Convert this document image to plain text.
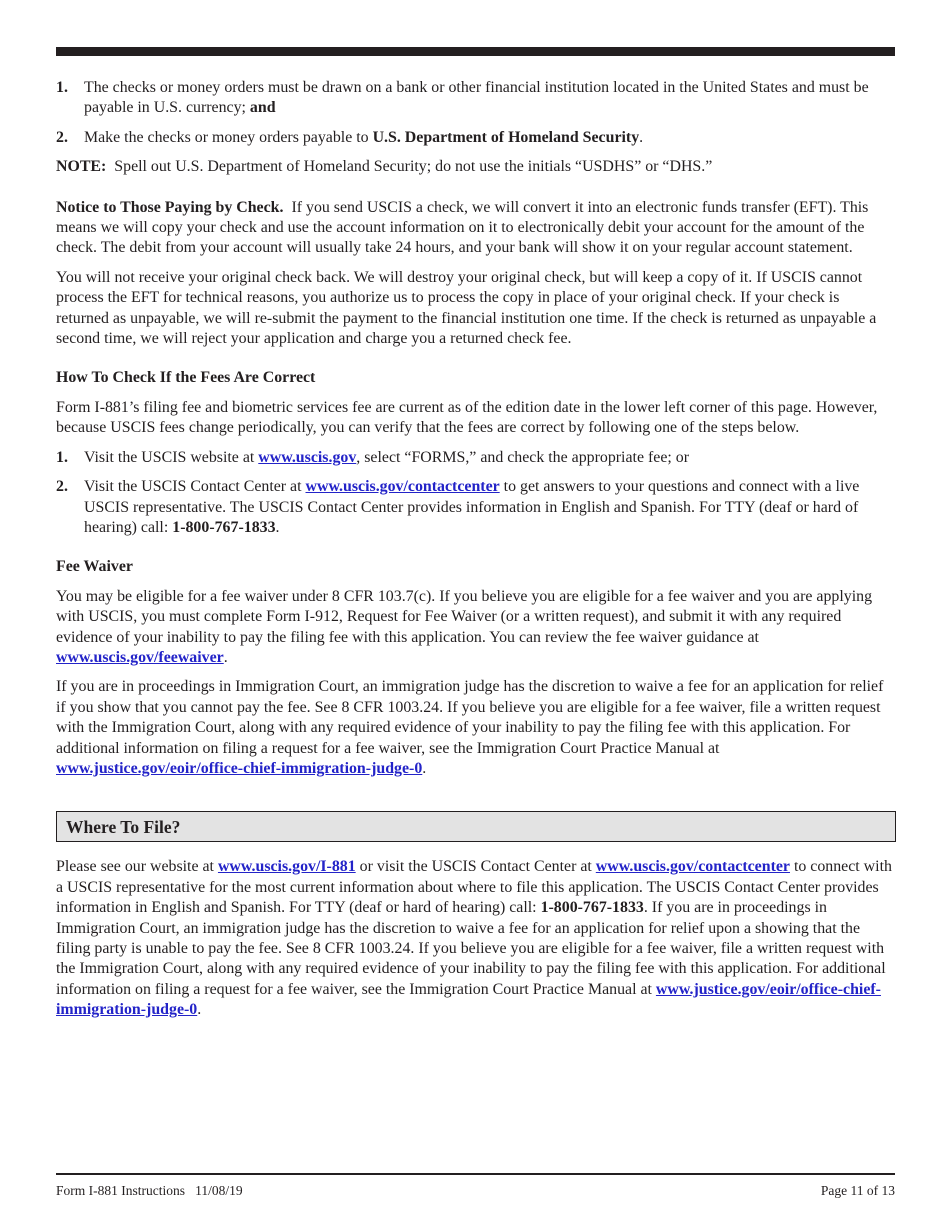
1.	The checks or money orders must be drawn on a bank or other financial institution located in the United States and must be payable in U.S. currency; and
2.	Make the checks or money orders payable to U.S. Department of Homeland Security.

NOTE: Spell out U.S. Department of Homeland Security; do not use the initials “USDHS” or “DHS.”

Notice to Those Paying by Check. If you send USCIS a check, we will convert it into an electronic funds transfer (EFT). This means we will copy your check and use the account information on it to electronically debit your account for the amount of the check. The debit from your account will usually take 24 hours, and your bank will show it on your regular account statement.

You will not receive your original check back. We will destroy your original check, but will keep a copy of it. If USCIS cannot process the EFT for technical reasons, you authorize us to process the copy in place of your original check. If your check is returned as unpayable, we will re-submit the payment to the financial institution one time. If the check is returned as unpayable a second time, we will reject your application and charge you a returned check fee.

How To Check If the Fees Are Correct

Form I-881’s filing fee and biometric services fee are current as of the edition date in the lower left corner of this page. However, because USCIS fees change periodically, you can verify that the fees are correct by following one of the steps below.

1.	Visit the USCIS website at www.uscis.gov, select “FORMS,” and check the appropriate fee; or
2.	Visit the USCIS Contact Center at www.uscis.gov/contactcenter to get answers to your questions and connect with a live USCIS representative. The USCIS Contact Center provides information in English and Spanish. For TTY (deaf or hard of hearing) call: 1-800-767-1833.

Fee Waiver

You may be eligible for a fee waiver under 8 CFR 103.7(c). If you believe you are eligible for a fee waiver and you are applying with USCIS, you must complete Form I-912, Request for Fee Waiver (or a written request), and submit it with any required evidence of your inability to pay the filing fee with this application. You can review the fee waiver guidance at www.uscis.gov/feewaiver.

If you are in proceedings in Immigration Court, an immigration judge has the discretion to waive a fee for an application for relief if you show that you cannot pay the fee. See 8 CFR 1003.24. If you believe you are eligible for a fee waiver, file a written request with the Immigration Court, along with any required evidence of your inability to pay the filing fee with this application. For additional information on filing a request for a fee waiver, see the Immigration Court Practice Manual at www.justice.gov/eoir/office-chief-immigration-judge-0.

Where To File?

Please see our website at www.uscis.gov/I-881 or visit the USCIS Contact Center at www.uscis.gov/contactcenter to connect with a USCIS representative for the most current information about where to file this application. The USCIS Contact Center provides information in English and Spanish. For TTY (deaf or hard of hearing) call: 1-800-767-1833. If you are in proceedings in Immigration Court, an immigration judge has the discretion to waive a fee for an application for relief upon a showing that the filing party is unable to pay the fee. See 8 CFR 1003.24. If you believe you are eligible for a fee waiver, file a written request with the Immigration Court, along with any required evidence of your inability to pay the filing fee with this application. For additional information on filing a request for a fee waiver, see the Immigration Court Practice Manual at www.justice.gov/eoir/office-chief-immigration-judge-0.

Form I-881 Instructions   11/08/19	Page 11 of 13
